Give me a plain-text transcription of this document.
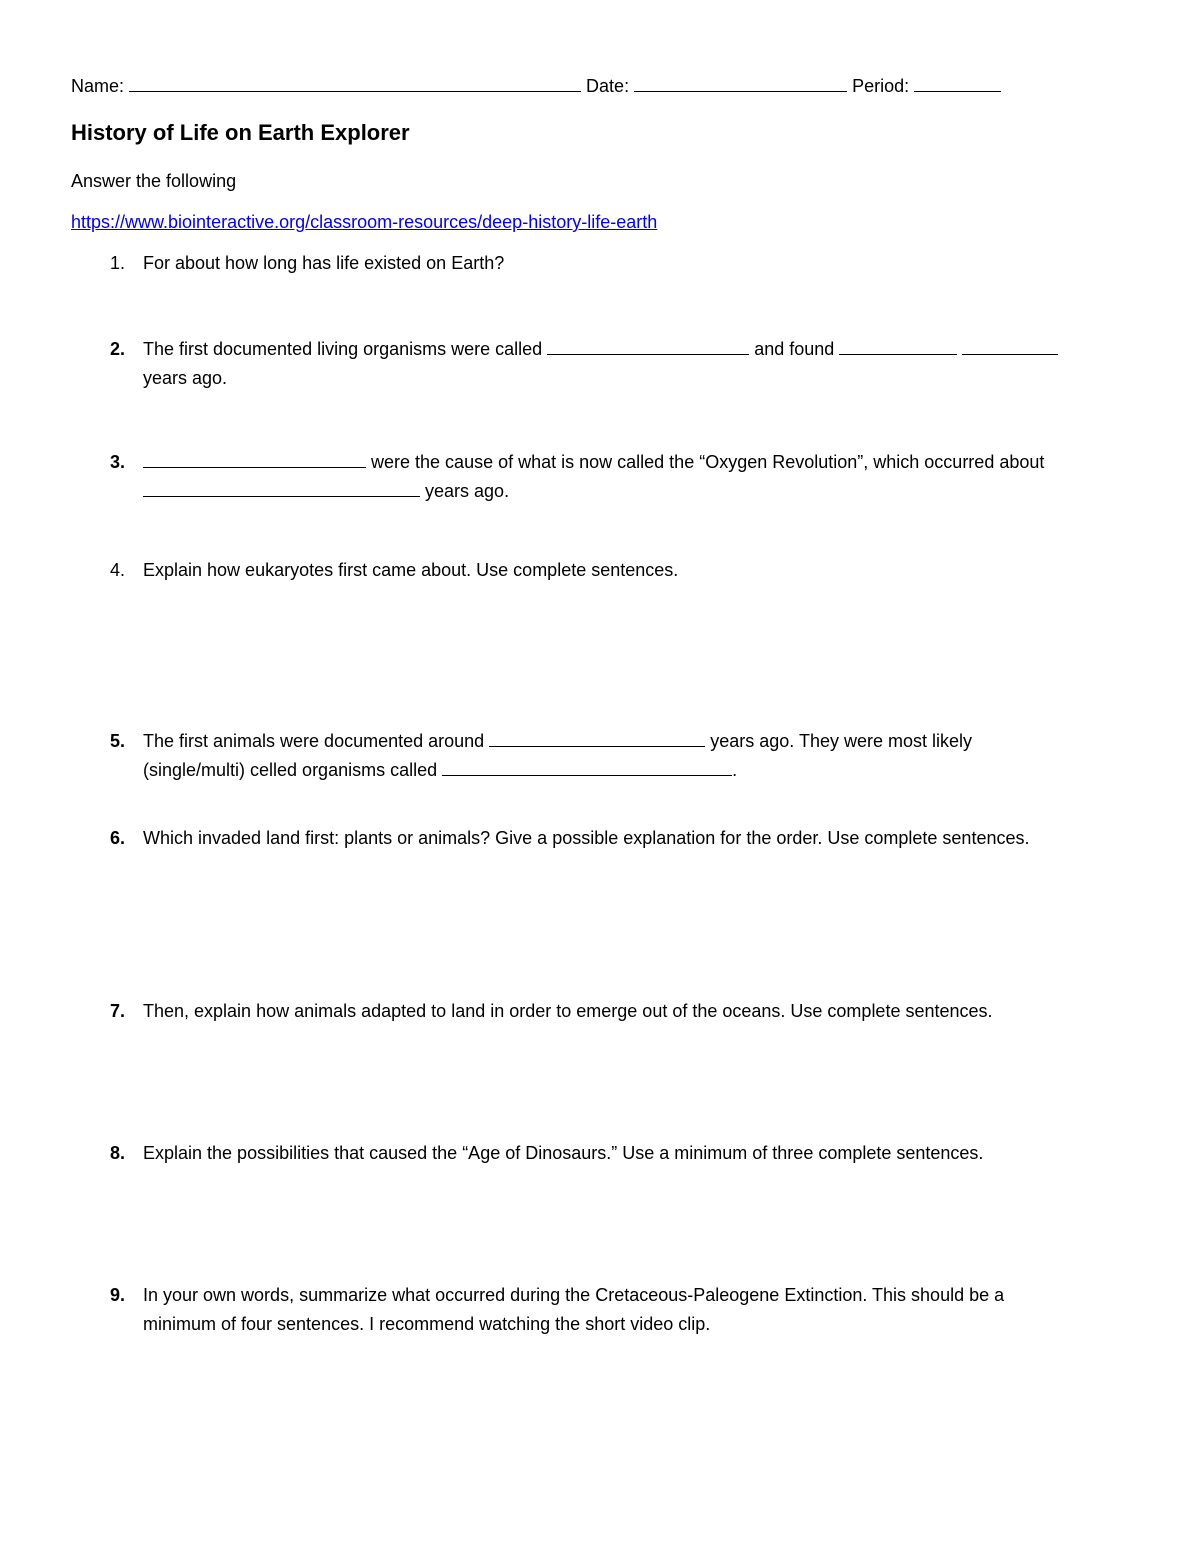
Name:	Date:	Period:
History of Life on Earth Explorer
Answer the following
https://www.biointeractive.org/classroom-resources/deep-history-life-earth
1. For about how long has life existed on Earth?
2. The first documented living organisms were called	and found
years ago.
3.	were the cause of what is now called the “Oxygen Revolution”, which occurred about
years ago.
4. Explain how eukaryotes first came about. Use complete sentences.
5. The first animals were documented around	years ago. They were most likely
(single/multi) celled organisms called	.
6. Which invaded land first: plants or animals? Give a possible explanation for the order. Use complete sentences.
7. Then, explain how animals adapted to land in order to emerge out of the oceans. Use complete sentences.
8. Explain the possibilities that caused the “Age of Dinosaurs.” Use a minimum of three complete sentences.
9. In your own words, summarize what occurred during the Cretaceous-Paleogene Extinction. This should be a
minimum of four sentences. I recommend watching the short video clip.
